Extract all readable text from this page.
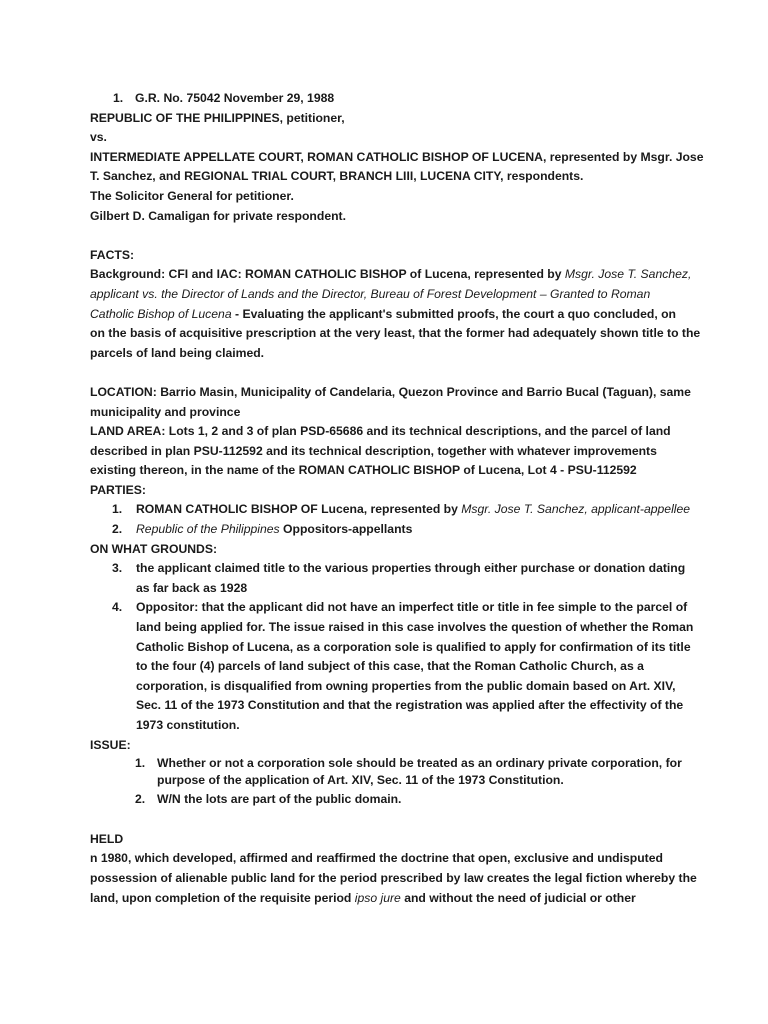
1. G.R. No. 75042 November 29, 1988
REPUBLIC OF THE PHILIPPINES, petitioner,
vs.
INTERMEDIATE APPELLATE COURT, ROMAN CATHOLIC BISHOP OF LUCENA, represented by Msgr. Jose
T. Sanchez, and REGIONAL TRIAL COURT, BRANCH LIII, LUCENA CITY, respondents.
The Solicitor General for petitioner.
Gilbert D. Camaligan for private respondent.
FACTS:
Background: CFI and IAC: ROMAN CATHOLIC BISHOP of Lucena, represented by Msgr. Jose T. Sanchez,
applicant vs. the Director of Lands and the Director, Bureau of Forest Development – Granted to Roman
Catholic Bishop of Lucena - Evaluating the applicant's submitted proofs, the court a quo concluded, on
on the basis of acquisitive prescription at the very least, that the former had adequately shown title to the
parcels of land being claimed.
LOCATION: Barrio Masin, Municipality of Candelaria, Quezon Province and Barrio Bucal (Taguan), same
municipality and province
LAND AREA: Lots 1, 2 and 3 of plan PSD-65686 and its technical descriptions, and the parcel of land
described in plan PSU-112592 and its technical description, together with whatever improvements
existing thereon, in the name of the ROMAN CATHOLIC BISHOP of Lucena, Lot 4 - PSU-112592
PARTIES:
1. ROMAN CATHOLIC BISHOP OF Lucena, represented by Msgr. Jose T. Sanchez, applicant-appellee
2. Republic of the Philippines Oppositors-appellants
ON WHAT GROUNDS:
3. the applicant claimed title to the various properties through either purchase or donation dating
as far back as 1928
4. Oppositor: that the applicant did not have an imperfect title or title in fee simple to the parcel of
land being applied for. The issue raised in this case involves the question of whether the Roman
Catholic Bishop of Lucena, as a corporation sole is qualified to apply for confirmation of its title
to the four (4) parcels of land subject of this case, that the Roman Catholic Church, as a
corporation, is disqualified from owning properties from the public domain based on Art. XIV,
Sec. 11 of the 1973 Constitution and that the registration was applied after the effectivity of the
1973 constitution.
ISSUE:
1. Whether or not a corporation sole should be treated as an ordinary private corporation, for
purpose of the application of Art. XIV, Sec. 11 of the 1973 Constitution.
2. W/N the lots are part of the public domain.
HELD
n 1980, which developed, affirmed and reaffirmed the doctrine that open, exclusive and undisputed
possession of alienable public land for the period prescribed by law creates the legal fiction whereby the
land, upon completion of the requisite period ipso jure and without the need of judicial or other
